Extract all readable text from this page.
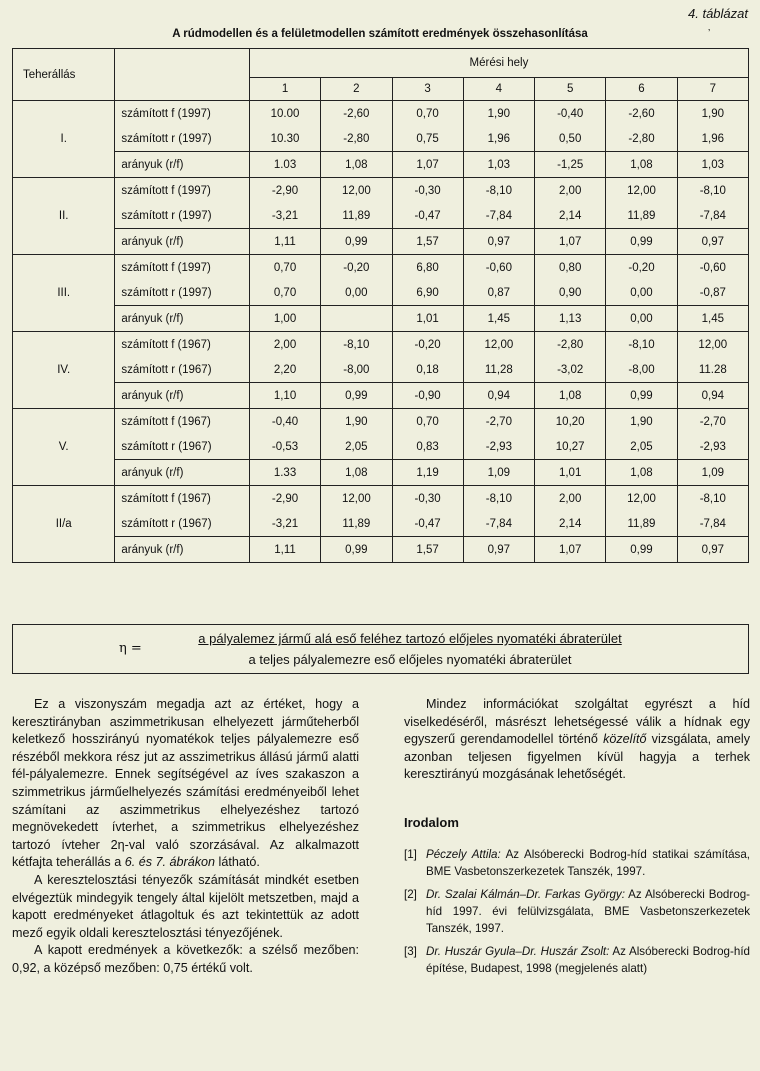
4. táblázat
’
A rúdmodellen és a felületmodellen számított eredmények összehasonlítása
Teherállás		Mérési hely						
		1	2	3	4	5	6	7
I.	számított f (1997)	10.00	-2,60	0,70	1,90	-0,40	-2,60	1,90
	számított r (1997)	10.30	-2,80	0,75	1,96	0,50	-2,80	1,96
	arányuk (r/f)	1.03	1,08	1,07	1,03	-1,25	1,08	1,03
II.	számított f (1997)	-2,90	12,00	-0,30	-8,10	2,00	12,00	-8,10
	számított r (1997)	-3,21	11,89	-0,47	-7,84	2,14	11,89	-7,84
	arányuk (r/f)	1,11	0,99	1,57	0,97	1,07	0,99	0,97
III.	számított f (1997)	0,70	-0,20	6,80	-0,60	0,80	-0,20	-0,60
	számított r (1997)	0,70	0,00	6,90	0,87	0,90	0,00	-0,87
	arányuk (r/f)	1,00		1,01	1,45	1,13	0,00	1,45
IV.	számított f (1967)	2,00	-8,10	-0,20	12,00	-2,80	-8,10	12,00
	számított r (1967)	2,20	-8,00	0,18	11,28	-3,02	-8,00	11.28
	arányuk (r/f)	1,10	0,99	-0,90	0,94	1,08	0,99	0,94
V.	számított f (1967)	-0,40	1,90	0,70	-2,70	10,20	1,90	-2,70
	számított r (1967)	-0,53	2,05	0,83	-2,93	10,27	2,05	-2,93
	arányuk (r/f)	1.33	1,08	1,19	1,09	1,01	1,08	1,09
II/a	számított f (1967)	-2,90	12,00	-0,30	-8,10	2,00	12,00	-8,10
	számított r (1967)	-3,21	11,89	-0,47	-7,84	2,14	11,89	-7,84
	arányuk (r/f)	1,11	0,99	1,57	0,97	1,07	0,99	0,97
η =
a pályalemez jármű alá eső feléhez tartozó előjeles nyomatéki ábraterület
a teljes pályalemezre eső előjeles nyomatéki ábraterület

Ez a viszonyszám megadja azt az értéket, hogy a keresztirányban aszimmetrikusan elhelyezett járműteherből keletkező hosszirányú nyomatékok teljes pályalemezre eső részéből mekkora rész jut az asszimetrikus állású jármű alatti fél-pályalemezre. Ennek segítségével az íves szakaszon a szimmetrikus járműelhelyezés számítási eredményeiből lehet számítani az aszimmetrikus elhelyezéshez tartozó megnövekedett ívterhet, a szimmetrikus elhelyezéshez tartozó ívteher 2η-val való szorzásával. Az alkalmazott kétfajta teherállás a 6. és 7. ábrákon látható.

A keresztelosztási tényezők számítását mindkét esetben elvégeztük mindegyik tengely által kijelölt metszetben, majd a kapott eredményeket átlagoltuk és azt tekintettük az adott mező egyik oldali keresztelosztási tényezőjének.

A kapott eredmények a következők: a szélső mezőben: 0,92, a középső mezőben: 0,75 értékű volt.

Mindez információkat szolgáltat egyrészt a híd viselkedéséről, másrészt lehetségessé válik a hídnak egy egyszerű gerendamodellel történő közelítő vizsgálata, amely azonban teljesen figyelmen kívül hagyja a terhek keresztirányú mozgásának lehetőségét.

Irodalom
[1] Péczely Attila: Az Alsóberecki Bodrog-híd statikai számítása, BME Vasbetonszerkezetek Tanszék, 1997.
[2] Dr. Szalai Kálmán–Dr. Farkas György: Az Alsóberecki Bodrog-híd 1997. évi felülvizsgálata, BME Vasbetonszerkezetek Tanszék, 1997.
[3] Dr. Huszár Gyula–Dr. Huszár Zsolt: Az Alsóberecki Bodrog-híd építése, Budapest, 1998 (megjelenés alatt)
